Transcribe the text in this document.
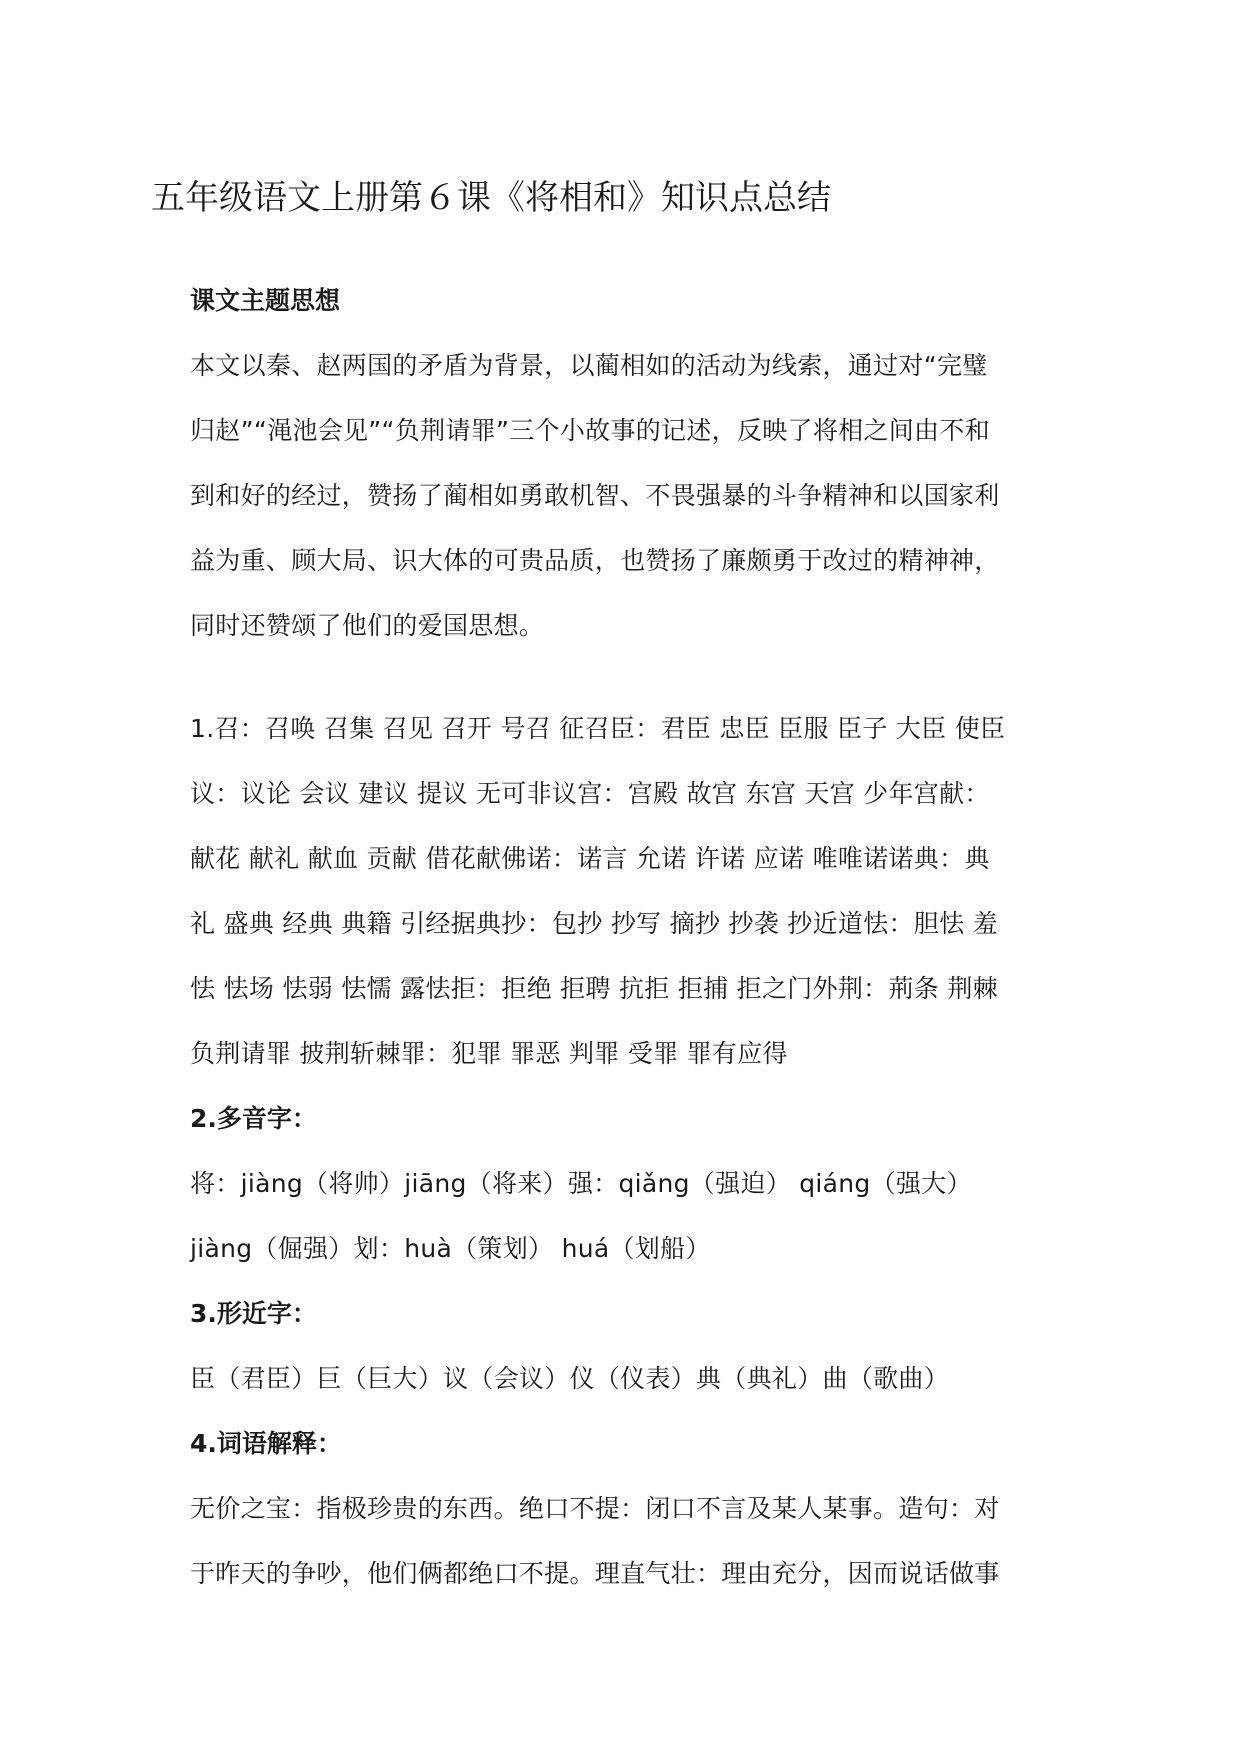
五年级语文上册第６课《将相和》知识点总结

课文主题思想

本文以秦、赵两国的矛盾为背景，以蔺相如的活动为线索，通过对“完璧
归赵”“渑池会见”“负荆请罪”三个小故事的记述，反映了将相之间由不和
到和好的经过，赞扬了蔺相如勇敢机智、不畏强暴的斗争精神和以国家利
益为重、顾大局、识大体的可贵品质，也赞扬了廉颇勇于改过的精神神，
同时还赞颂了他们的爱国思想。

1.召：召唤 召集 召见 召开 号召 征召臣：君臣 忠臣 臣服 臣子 大臣 使臣
议：议论 会议 建议 提议 无可非议宫：宫殿 故宫 东宫 天宫 少年宫献：
献花 献礼 献血 贡献 借花献佛诺：诺言 允诺 许诺 应诺 唯唯诺诺典：典
礼 盛典 经典 典籍 引经据典抄：包抄 抄写 摘抄 抄袭 抄近道怯：胆怯 羞
怯 怯场 怯弱 怯懦 露怯拒：拒绝 拒聘 抗拒 拒捕 拒之门外荆：荊条 荆棘
负荆请罪 披荆斩棘罪：犯罪 罪恶 判罪 受罪 罪有应得

2.多音字：

将：jiàng（将帅）jiāng（将来）强：qiǎng（强迫） qiáng（强大）
jiàng（倔强）划：huà（策划） huá（划船）

3.形近字：

臣（君臣）巨（巨大）议（会议）仪（仪表）典（典礼）曲（歌曲）

4.词语解释：

无价之宝：指极珍贵的东西。绝口不提：闭口不言及某人某事。造句：对
于昨天的争吵，他们俩都绝口不提。理直气壮：理由充分，因而说话做事
